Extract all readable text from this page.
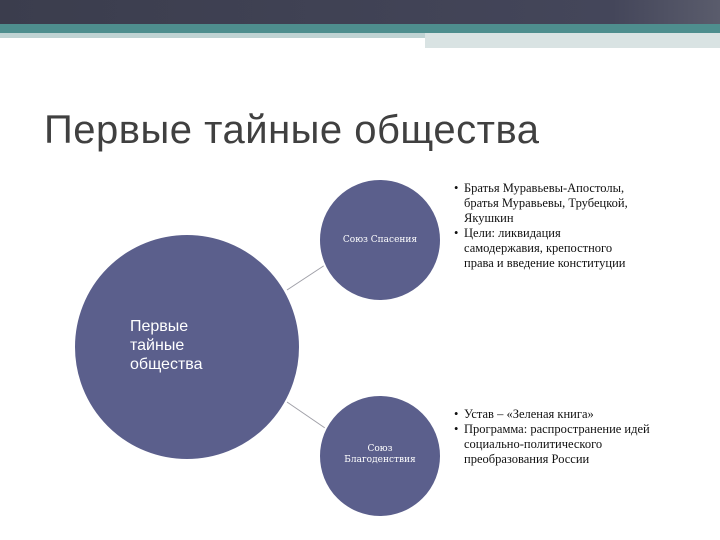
Первые тайные общества
Первые тайные общества
Союз Спасения
Союз Благоденствия
• Братья Муравьевы-Апостолы, братья Муравьевы, Трубецкой, Якушкин
• Цели: ликвидация самодержавия, крепостного права и введение конституции
• Устав – «Зеленая книга»
• Программа: распространение идей социально-политического преобразования России
